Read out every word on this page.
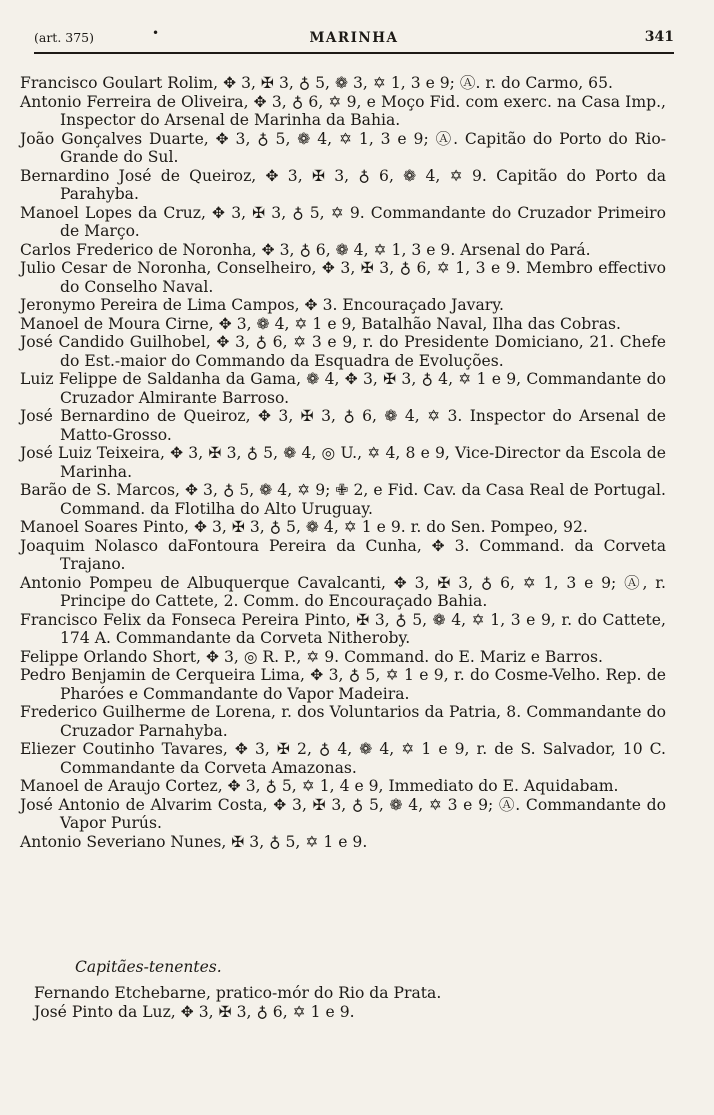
(art. 375)	•	MARINHA	341

Francisco Goulart Rolim, ✥ 3, ✠ 3, ♁ 5, ❁ 3, ✡ 1, 3 e 9; Ⓐ. r. do Carmo, 65.

Antonio Ferreira de Oliveira, ✥ 3, ♁ 6, ✡ 9, e Moço Fid. com exerc. na Casa Imp., Inspector do Arsenal de Marinha da Bahia.

João Gonçalves Duarte, ✥ 3, ♁ 5, ❁ 4, ✡ 1, 3 e 9; Ⓐ. Capitão do Porto do Rio-Grande do Sul.

Bernardino José de Queiroz, ✥ 3, ✠ 3, ♁ 6, ❁ 4, ✡ 9. Capitão do Porto da Parahyba.

Manoel Lopes da Cruz, ✥ 3, ✠ 3, ♁ 5, ✡ 9. Commandante do Cruzador Primeiro de Março.

Carlos Frederico de Noronha, ✥ 3, ♁ 6, ❁ 4, ✡ 1, 3 e 9. Arsenal do Pará.

Julio Cesar de Noronha, Conselheiro, ✥ 3, ✠ 3, ♁ 6, ✡ 1, 3 e 9. Membro effectivo do Conselho Naval.

Jeronymo Pereira de Lima Campos, ✥ 3. Encouraçado Javary.

Manoel de Moura Cirne, ✥ 3, ❁ 4, ✡ 1 e 9, Batalhão Naval, Ilha das Cobras.

José Candido Guilhobel, ✥ 3, ♁ 6, ✡ 3 e 9, r. do Presidente Domiciano, 21. Chefe do Est.-maior do Commando da Esquadra de Evoluções.

Luiz Felippe de Saldanha da Gama, ❁ 4, ✥ 3, ✠ 3, ♁ 4, ✡ 1 e 9, Commandante do Cruzador Almirante Barroso.

José Bernardino de Queiroz, ✥ 3, ✠ 3, ♁ 6, ❁ 4, ✡ 3. Inspector do Arsenal de Matto-Grosso.

José Luiz Teixeira, ✥ 3, ✠ 3, ♁ 5, ❁ 4, ◎ U., ✡ 4, 8 e 9, Vice-Director da Escola de Marinha.

Barão de S. Marcos, ✥ 3, ♁ 5, ❁ 4, ✡ 9; ✙ 2, e Fid. Cav. da Casa Real de Portugal. Command. da Flotilha do Alto Uruguay.

Manoel Soares Pinto, ✥ 3, ✠ 3, ♁ 5, ❁ 4, ✡ 1 e 9. r. do Sen. Pompeo, 92.

Joaquim Nolasco daFontoura Pereira da Cunha, ✥ 3. Command. da Corveta Trajano.

Antonio Pompeu de Albuquerque Cavalcanti, ✥ 3, ✠ 3, ♁ 6, ✡ 1, 3 e 9; Ⓐ, r. Principe do Cattete, 2. Comm. do Encouraçado Bahia.

Francisco Felix da Fonseca Pereira Pinto, ✠ 3, ♁ 5, ❁ 4, ✡ 1, 3 e 9, r. do Cattete, 174 A. Commandante da Corveta Nitheroby.

Felippe Orlando Short, ✥ 3, ◎ R. P., ✡ 9. Command. do E. Mariz e Barros.

Pedro Benjamin de Cerqueira Lima, ✥ 3, ♁ 5, ✡ 1 e 9, r. do Cosme-Velho. Rep. de Pharóes e Commandante do Vapor Madeira.

Frederico Guilherme de Lorena, r. dos Voluntarios da Patria, 8. Commandante do Cruzador Parnahyba.

Eliezer Coutinho Tavares, ✥ 3, ✠ 2, ♁ 4, ❁ 4, ✡ 1 e 9, r. de S. Salvador, 10 C. Commandante da Corveta Amazonas.

Manoel de Araujo Cortez, ✥ 3, ♁ 5, ✡ 1, 4 e 9, Immediato do E. Aquidabam.

José Antonio de Alvarim Costa, ✥ 3, ✠ 3, ♁ 5, ❁ 4, ✡ 3 e 9; Ⓐ. Commandante do Vapor Purús.

Antonio Severiano Nunes, ✠ 3, ♁ 5, ✡ 1 e 9.

Capitães-tenentes.

Fernando Etchebarne, pratico-mór do Rio da Prata.

José Pinto da Luz, ✥ 3, ✠ 3, ♁ 6, ✡ 1 e 9.
